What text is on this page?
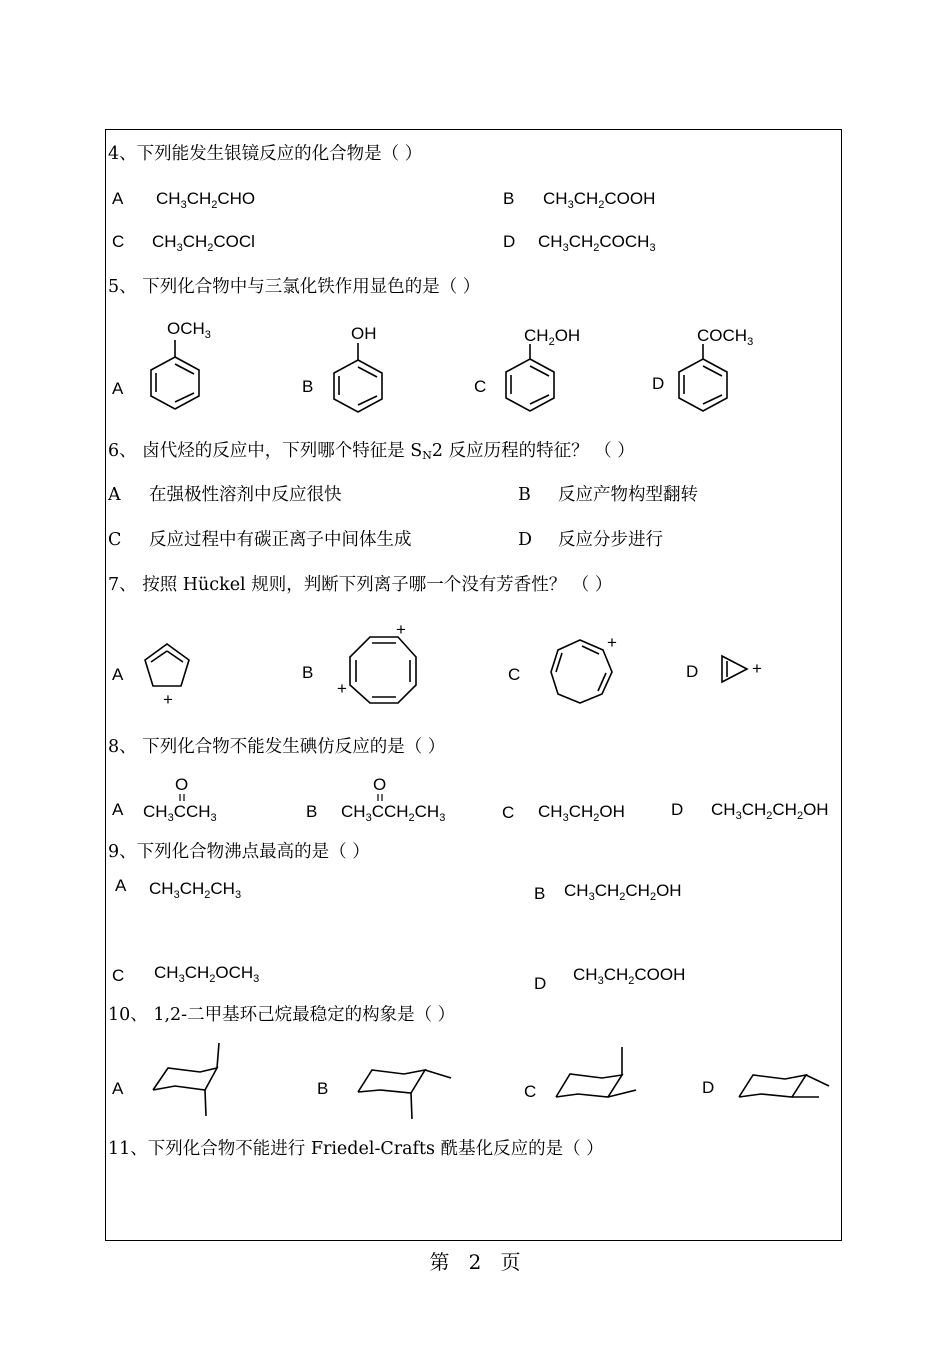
4、下列能发生银镜反应的化合物是（ ）
A $CH_3CH_2CHO$	B $CH_3CH_2COOH$
C $CH_3CH_2COCl$	D $CH_3CH_2COCH_3$
5、 下列化合物中与三氯化铁作用显色的是（ ）
A	B	C	D
$OCH_3$	OH	$CH_2OH$	$COCH_3$
6、 卤代烃的反应中，下列哪个特征是 SN2 反应历程的特征？ （ ）
A 在强极性溶剂中反应很快	B 反应产物构型翻转
C 反应过程中有碳正离子中间体生成	D 反应分步进行
7、 按照 Hückel 规则，判断下列离子哪一个没有芳香性？ （ ）
A	B	C	D
+
+
+
+
+
8、 下列化合物不能发生碘仿反应的是（ ）
A
O
$CH_3CCH_3$	B
O
$CH_3CCH_2CH_3$	C $CH_3CH_2OH$	D $CH_3CH_2CH_2OH$
9、下列化合物沸点最高的是（ ）
A $CH_3CH_2CH_3$	B $CH_3CH_2CH_2OH$
C $CH_3CH_2OCH_3$	D $CH_3CH_2COOH$
10、 1,2-二甲基环己烷最稳定的构象是（ ）
A	B	C	D
11、下列化合物不能进行 Friedel-Crafts 酰基化反应的是（ ）
第 2 页
